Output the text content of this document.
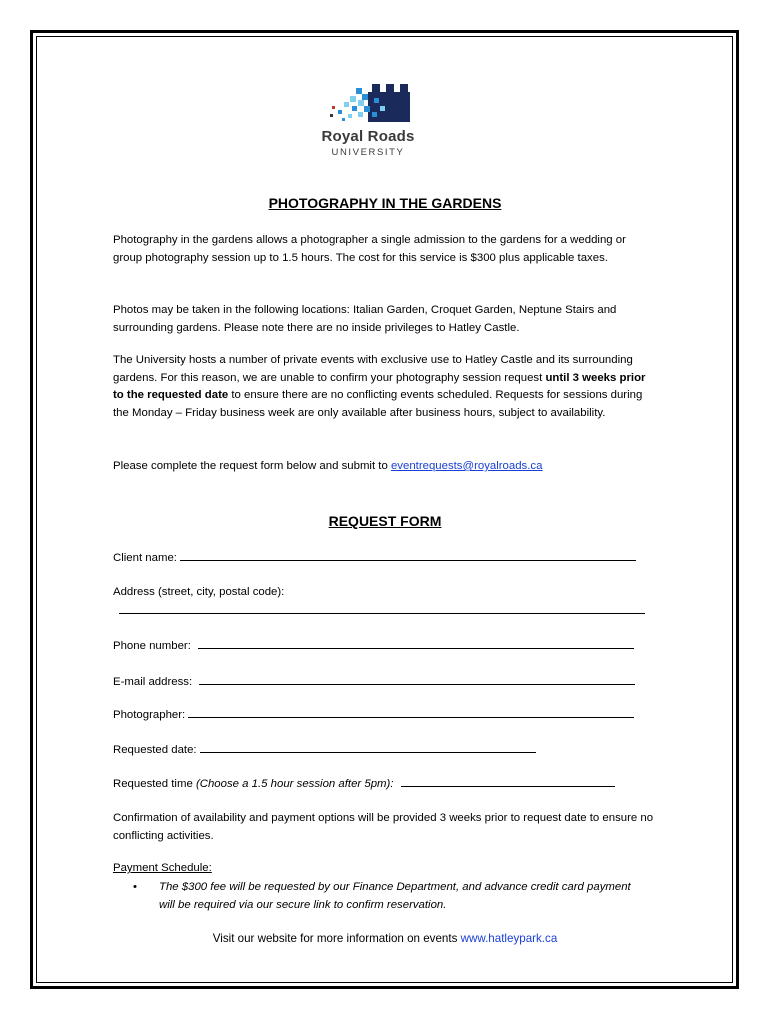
Royal Roads
UNIVERSITY
PHOTOGRAPHY IN THE GARDENS
Photography in the gardens allows a photographer a single admission to the gardens for a wedding or group photography session up to 1.5 hours. The cost for this service is $300 plus applicable taxes.
Photos may be taken in the following locations: Italian Garden, Croquet Garden, Neptune Stairs and surrounding gardens. Please note there are no inside privileges to Hatley Castle.
The University hosts a number of private events with exclusive use to Hatley Castle and its surrounding gardens. For this reason, we are unable to confirm your photography session request until 3 weeks prior to the requested date to ensure there are no conflicting events scheduled. Requests for sessions during the Monday – Friday business week are only available after business hours, subject to availability.
Please complete the request form below and submit to eventrequests@royalroads.ca
REQUEST FORM
Client name:
Address (street, city, postal code):
Phone number:
E-mail address:
Photographer:
Requested date:
Requested time (Choose a 1.5 hour session after 5pm):
Confirmation of availability and payment options will be provided 3 weeks prior to request date to ensure no conflicting activities.
Payment Schedule:
• The $300 fee will be requested by our Finance Department, and advance credit card payment will be required via our secure link to confirm reservation.
Visit our website for more information on events www.hatleypark.ca
